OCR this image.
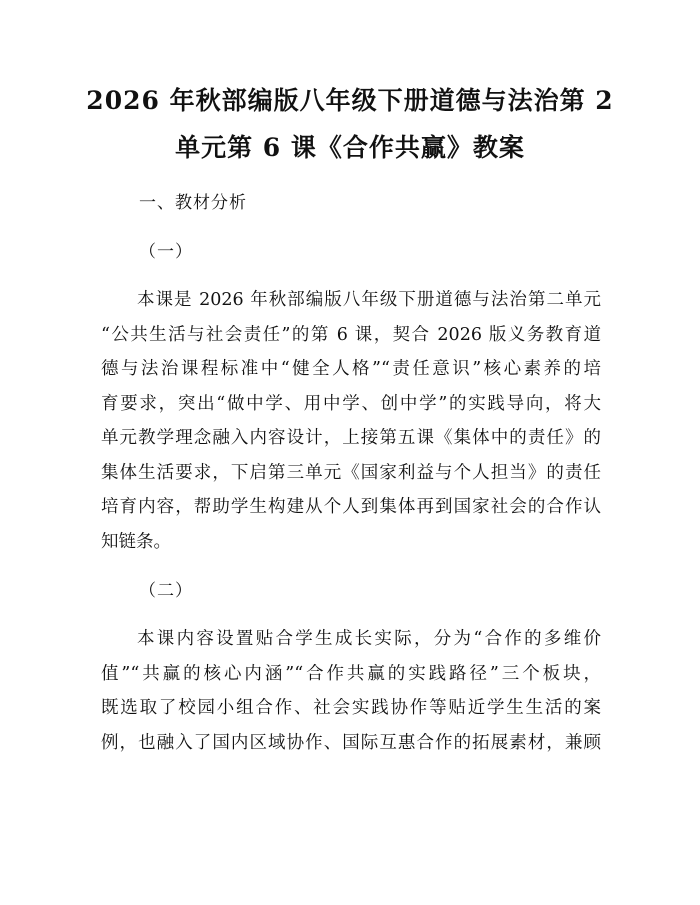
2026 年秋部编版八年级下册道德与法治第 2
单元第 6 课《合作共赢》教案
一、教材分析
（一）
本课是 2026 年秋部编版八年级下册道德与法治第二单元
“公共生活与社会责任”的第 6 课，契合 2026 版义务教育道
德与法治课程标准中“健全人格”“责任意识”核心素养的培
育要求，突出“做中学、用中学、创中学”的实践导向，将大
单元教学理念融入内容设计，上接第五课《集体中的责任》的
集体生活要求，下启第三单元《国家利益与个人担当》的责任
培育内容，帮助学生构建从个人到集体再到国家社会的合作认
知链条。
（二）
本课内容设置贴合学生成长实际，分为“合作的多维价
值”“共赢的核心内涵”“合作共赢的实践路径”三个板块，
既选取了校园小组合作、社会实践协作等贴近学生生活的案
例，也融入了国内区域协作、国际互惠合作的拓展素材，兼顾
